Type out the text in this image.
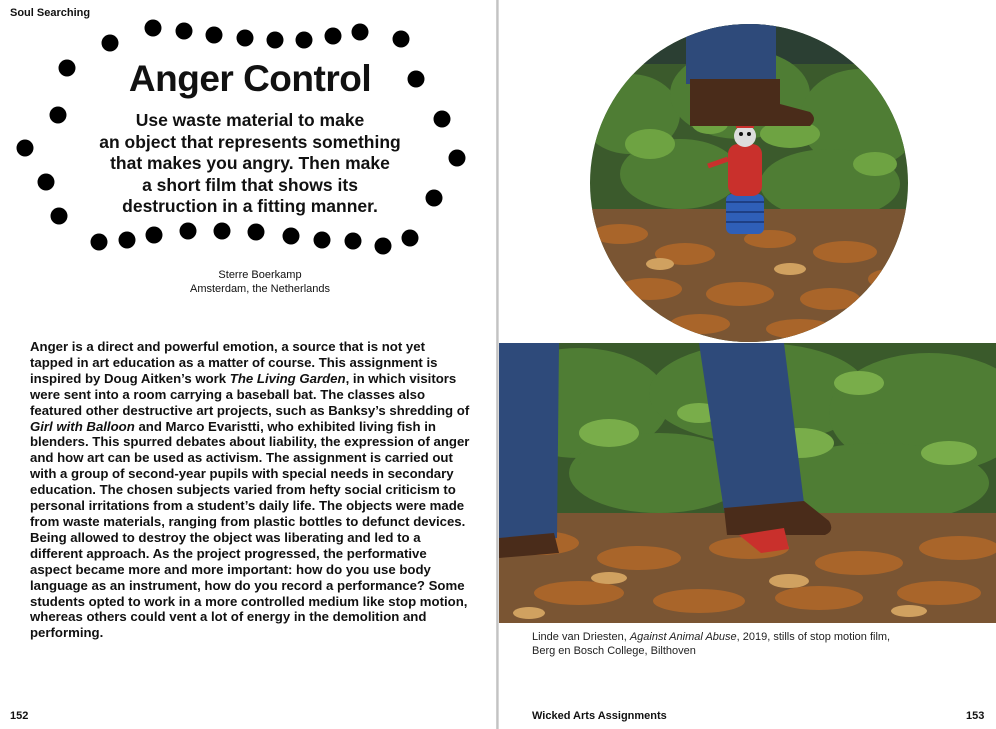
Soul Searching
Anger Control
Use waste material to make
an object that represents something
that makes you angry. Then make
a short film that shows its
destruction in a fitting manner.
Sterre Boerkamp
Amsterdam, the Netherlands
Anger is a direct and powerful emotion, a source that is not yet tapped in art education as a matter of course. This assignment is inspired by Doug Aitken’s work The Living Garden, in which visitors were sent into a room carrying a baseball bat. The classes also featured other destructive art projects, such as Banksy’s shredding of Girl with Balloon and Marco Evaristti, who exhibited living fish in blenders. This spurred debates about liability, the expression of anger and how art can be used as activism. The assignment is carried out with a group of second-year pupils with special needs in secondary education. The chosen subjects varied from hefty social criticism to personal irritations from a student’s daily life. The objects were made from waste materials, ranging from plastic bottles to defunct devices. Being allowed to destroy the object was liberating and led to a different approach. As the project progressed, the performative aspect became more and more important: how do you use body language as an instrument, how do you record a performance? Some students opted to work in a more controlled medium like stop motion, whereas others could vent a lot of energy in the demolition and performing.
152
Linde van Driesten, Against Animal Abuse, 2019, stills of stop motion film,
Berg en Bosch College, Bilthoven
Wicked Arts Assignments	153
